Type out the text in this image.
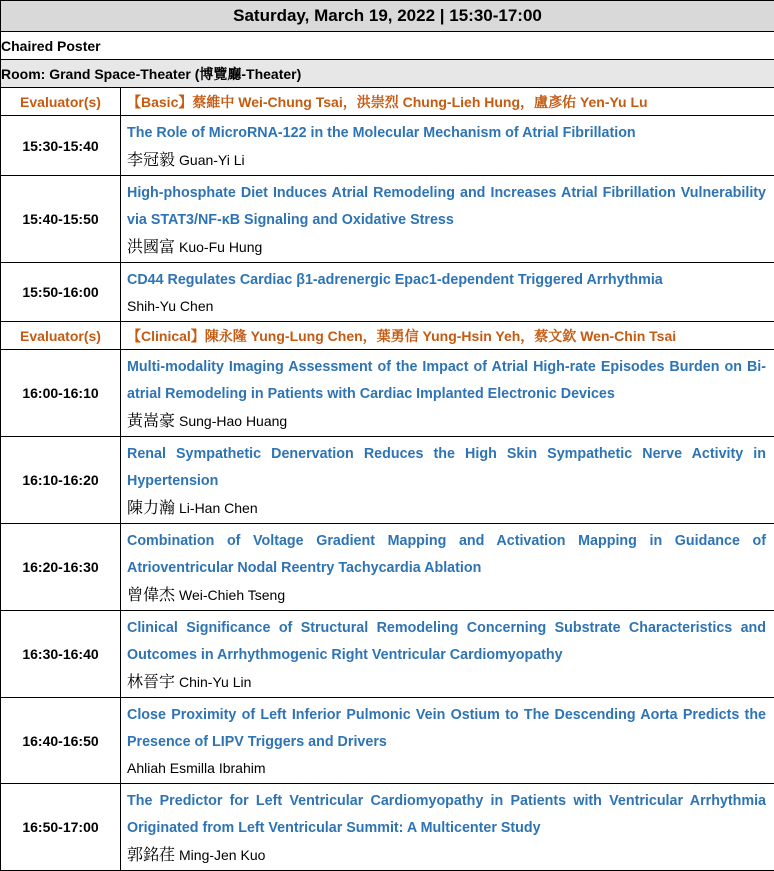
Saturday, March 19, 2022 | 15:30-17:00	
Chaired Poster	
Room: Grand Space-Theater (博覽廳-Theater)	
Evaluator(s)	【Basic】蔡維中 Wei-Chung Tsai，洪崇烈 Chung-Lieh Hung，盧彥佑 Yen-Yu Lu
15:30-15:40	The Role of MicroRNA-122 in the Molecular Mechanism of Atrial Fibrillation
李冠毅 Guan-Yi Li

15:40-15:50	High-phosphate Diet Induces Atrial Remodeling and Increases Atrial Fibrillation Vulnerability via STAT3/NF-κB Signaling and Oxidative Stress
洪國富 Kuo-Fu Hung

15:50-16:00	CD44 Regulates Cardiac β1-adrenergic Epac1-dependent Triggered Arrhythmia
Shih-Yu Chen

Evaluator(s)	【Clinical】陳永隆 Yung-Lung Chen，葉勇信 Yung-Hsin Yeh，蔡文欽 Wen-Chin Tsai
16:00-16:10	Multi-modality Imaging Assessment of the Impact of Atrial High-rate Episodes Burden on Bi-atrial Remodeling in Patients with Cardiac Implanted Electronic Devices
黃嵩豪 Sung-Hao Huang

16:10-16:20	Renal Sympathetic Denervation Reduces the High Skin Sympathetic Nerve Activity in Hypertension
陳力瀚 Li-Han Chen

16:20-16:30	Combination of Voltage Gradient Mapping and Activation Mapping in Guidance of Atrioventricular Nodal Reentry Tachycardia Ablation
曾偉杰 Wei-Chieh Tseng

16:30-16:40	Clinical Significance of Structural Remodeling Concerning Substrate Characteristics and Outcomes in Arrhythmogenic Right Ventricular Cardiomyopathy
林晉宇 Chin-Yu Lin

16:40-16:50	Close Proximity of Left Inferior Pulmonic Vein Ostium to The Descending Aorta Predicts the Presence of LIPV Triggers and Drivers
Ahliah Esmilla Ibrahim

16:50-17:00	The Predictor for Left Ventricular Cardiomyopathy in Patients with Ventricular Arrhythmia Originated from Left Ventricular Summit: A Multicenter Study
郭銘荏 Ming-Jen Kuo
